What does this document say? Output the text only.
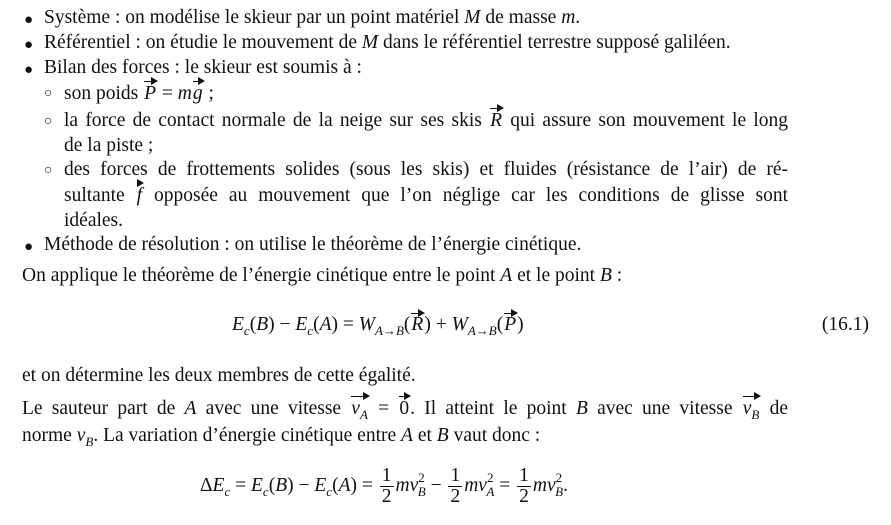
● Système : on modélise le skieur par un point matériel M de masse m.
● Référentiel : on étudie le mouvement de M dans le référentiel terrestre supposé galiléen.
● Bilan des forces : le skieur est soumis à :
○ son poids P = mg ;
○ la force de contact normale de la neige sur ses skis R qui assure son mouvement le long
de la piste ;
○ des forces de frottements solides (sous les skis) et fluides (résistance de l’air) de ré-
sultante f opposée au mouvement que l’on néglige car les conditions de glisse sont
idéales.
● Méthode de résolution : on utilise le théorème de l’énergie cinétique.
On applique le théorème de l’énergie cinétique entre le point A et le point B :
$E_c(B) - E_c(A) = W_{A\to B}(R) + W_{A\to B}(P)$	(16.1)
et on détermine les deux membres de cette égalité.
Le sauteur part de A avec une vitesse $v_A = 0$. Il atteint le point B avec une vitesse $v_B$ de
norme $v_B$. La variation d’énergie cinétique entre A et B vaut donc :
$\Delta E_c = E_c(B) - E_c(A) = \frac{1}{2} mv^2_B - \frac{1}{2} mv^2_A = \frac{1}{2} mv^2_B$.
